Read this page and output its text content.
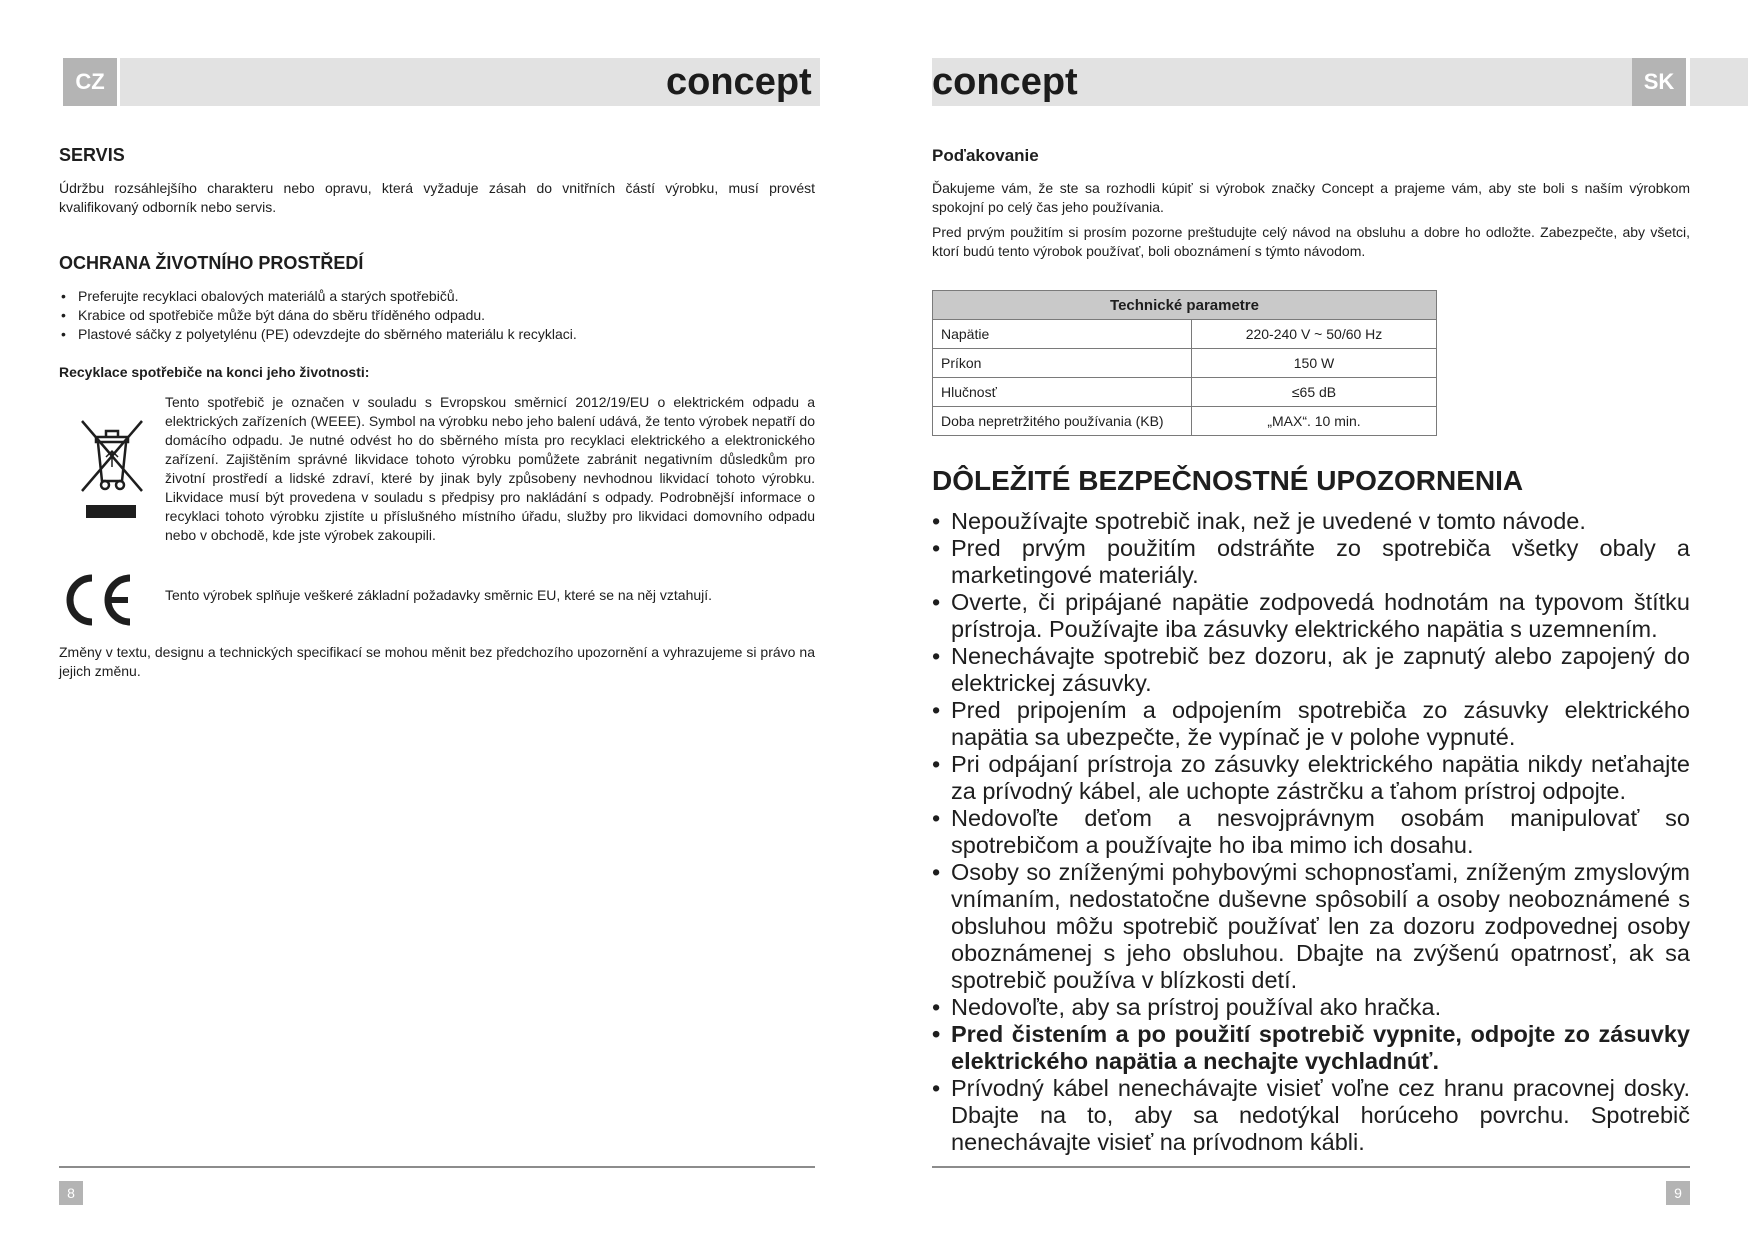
CZ	SK
concept	concept
SERVIS

Údržbu rozsáhlejšího charakteru nebo opravu, která vyžaduje zásah do vnitřních částí výrobku, musí provést kvalifikovaný odborník nebo servis.

OCHRANA ŽIVOTNÍHO PROSTŘEDÍ
• Preferujte recyklaci obalových materiálů a starých spotřebičů.
• Krabice od spotřebiče může být dána do sběru tříděného odpadu.
• Plastové sáčky z polyetylénu (PE) odevzdejte do sběrného materiálu k recyklaci.

Recyklace spotřebiče na konci jeho životnosti:

Tento spotřebič je označen v souladu s Evropskou směrnicí 2012/19/EU o elektrickém odpadu a elektrických zařízeních (WEEE). Symbol na výrobku nebo jeho balení udává, že tento výrobek nepatří do domácího odpadu. Je nutné odvést ho do sběrného místa pro recyklaci elektrického a elektronického zařízení. Zajištěním správné likvidace tohoto výrobku pomůžete zabránit negativním důsledkům pro životní prostředí a lidské zdraví, které by jinak byly způsobeny nevhodnou likvidací tohoto výrobku. Likvidace musí být provedena v souladu s předpisy pro nakládání s odpady. Podrobnější informace o recyklaci tohoto výrobku zjistíte u příslušného místního úřadu, služby pro likvidaci domovního odpadu nebo v obchodě, kde jste výrobek zakoupili.

Tento výrobek splňuje veškeré základní požadavky směrnic EU, které se na něj vztahují.

Změny v textu, designu a technických specifikací se mohou měnit bez předchozího upozornění a vyhrazujeme si právo na jejich změnu.

8

Poďakovanie

Ďakujeme vám, že ste sa rozhodli kúpiť si výrobok značky Concept a prajeme vám, aby ste boli s naším výrobkom spokojní po celý čas jeho používania.

Pred prvým použitím si prosím pozorne preštudujte celý návod na obsluhu a dobre ho odložte. Zabezpečte, aby všetci, ktorí budú tento výrobok používať, boli oboznámení s týmto návodom.

Technické parametre	
Napätie	220-240 V ~ 50/60 Hz
Príkon	150 W
Hlučnosť	≤65 dB
Doba nepretržitého používania (KB)	„MAX“. 10 min.
DÔLEŽITÉ BEZPEČNOSTNÉ UPOZORNENIA
• Nepoužívajte spotrebič inak, než je uvedené v tomto návode.
• Pred prvým použitím odstráňte zo spotrebiča všetky obaly a marketingové materiály.
• Overte, či pripájané napätie zodpovedá hodnotám na typovom štítku prístroja. Používajte iba zásuvky elektrického napätia s uzemnením.
• Nenechávajte spotrebič bez dozoru, ak je zapnutý alebo zapojený do elektrickej zásuvky.
• Pred pripojením a odpojením spotrebiča zo zásuvky elektrického napätia sa ubezpečte, že vypínač je v polohe vypnuté.
• Pri odpájaní prístroja zo zásuvky elektrického napätia nikdy neťahajte za prívodný kábel, ale uchopte zástrčku a ťahom prístroj odpojte.
• Nedovoľte deťom a nesvojprávnym osobám manipulovať so spotrebičom a používajte ho iba mimo ich dosahu.
• Osoby so zníženými pohybovými schopnosťami, zníženým zmyslovým vnímaním, nedostatočne duševne spôsobilí a osoby neoboznámené s obsluhou môžu spotrebič používať len za dozoru zodpovednej osoby oboznámenej s jeho obsluhou. Dbajte na zvýšenú opatrnosť, ak sa spotrebič používa v blízkosti detí.
• Nedovoľte, aby sa prístroj používal ako hračka.
• Pred čistením a po použití spotrebič vypnite, odpojte zo zásuvky elektrického napätia a nechajte vychladnúť.
• Prívodný kábel nenechávajte visieť voľne cez hranu pracovnej dosky. Dbajte na to, aby sa nedotýkal horúceho povrchu. Spotrebič nenechávajte visieť na prívodnom kábli.
9
